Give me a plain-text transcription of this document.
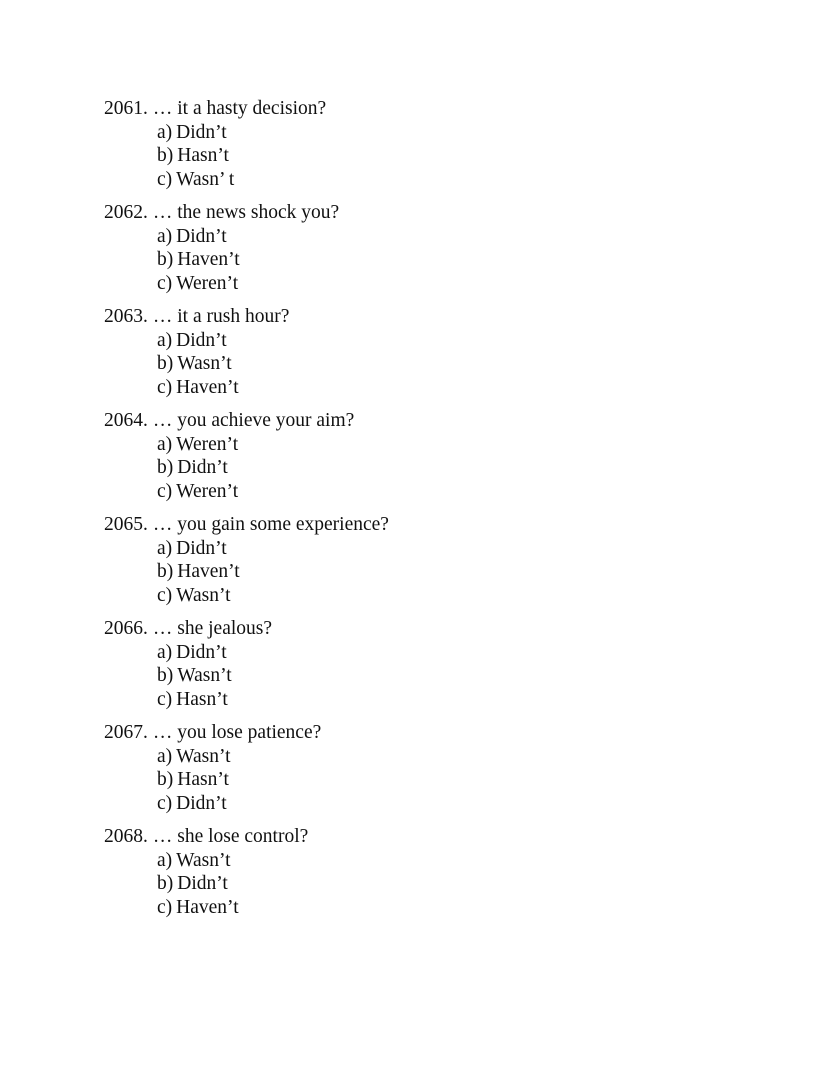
2061. … it a hasty decision?
a) Didn’t
b) Hasn’t
c) Wasn’ t
2062. … the news shock you?
a) Didn’t
b) Haven’t
c) Weren’t
2063. … it a rush hour?
a) Didn’t
b) Wasn’t
c) Haven’t
2064. … you achieve your aim?
a) Weren’t
b) Didn’t
c) Weren’t
2065. … you gain some experience?
a) Didn’t
b) Haven’t
c) Wasn’t
2066. … she jealous?
a) Didn’t
b) Wasn’t
c) Hasn’t
2067. … you lose patience?
a) Wasn’t
b) Hasn’t
c) Didn’t
2068. … she lose control?
a) Wasn’t
b) Didn’t
c) Haven’t
